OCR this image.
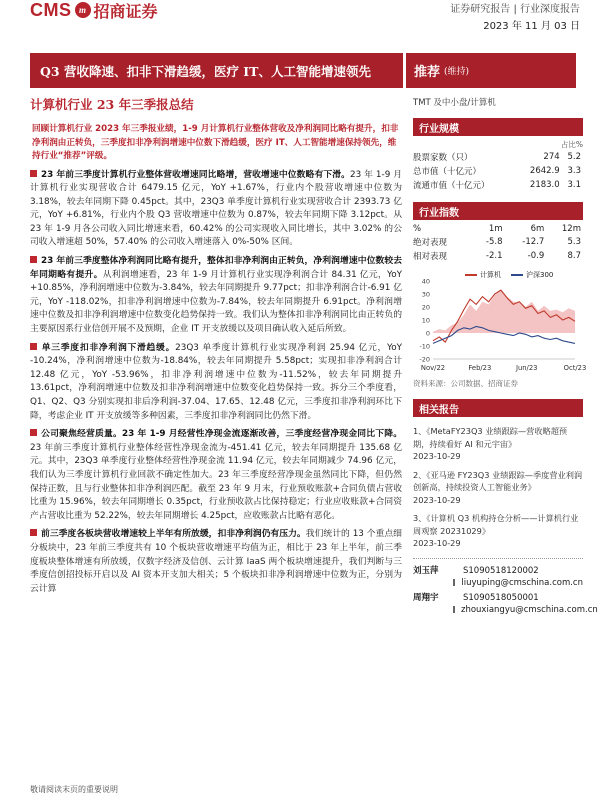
CMS m 招商证券	证券研究报告 | 行业深度报告
2023 年 11 月 03 日
Q3 营收降速、扣非下滑趋缓，医疗 IT、人工智能增速领先	推荐 (维持)
计算机行业 23 年三季报总结
回顾计算机行业 2023 年三季报业绩，1-9 月计算机行业整体营收及净利润同比略有提升，扣非净利润由正转负，三季度扣非净利润增速中位数下滑趋缓，医疗 IT、人工智能增速保持领先，维持行业“推荐”评级。
23 年前三季度计算机行业整体营收增速同比略增，营收增速中位数略有下滑。23 年 1-9 月计算机行业实现营收合计 6479.15 亿元，YoY +1.67%，行业内个股营收增速中位数为 3.18%，较去年同期下降 0.45pct。其中，23Q3 单季度计算机行业实现营收合计 2393.73 亿元，YoY +6.81%，行业内个股 Q3 营收增速中位数为 0.87%，较去年同期下降 3.12pct。从 23 年 1-9 月各公司收入同比增速来看，60.42% 的公司实现收入同比增长，其中 3.02% 的公司收入增速超 50%，57.40% 的公司收入增速落入 0%-50% 区间。
23 年前三季度整体净利润同比略有提升，整体扣非净利润由正转负，净利润增速中位数较去年同期略有提升。从利润增速看，23 年 1-9 月计算机行业实现净利润合计 84.31 亿元，YoY +10.85%，净利润增速中位数为-3.84%，较去年同期提升 9.77pct；扣非净利润合计-6.91 亿元，YoY -118.02%，扣非净利润增速中位数为-7.84%，较去年同期提升 6.91pct。净利润增速中位数及扣非净利润增速中位数变化趋势保持一致。我们认为整体扣非净利润同比由正转负的主要原因系行业信创开展不及预期，企业 IT 开支放缓以及项目确认收入延后所致。
单三季度扣非净利润下滑趋缓。23Q3 单季度计算机行业实现净利润 25.94 亿元，YoY -10.24%，净利润增速中位数为-18.84%，较去年同期提升 5.58pct；实现扣非净利润合计 12.48 亿元，YoY -53.96%，扣非净利润增速中位数为-11.52%，较去年同期提升 13.61pct，净利润增速中位数及扣非净利润增速中位数变化趋势保持一致。拆分三个季度看，Q1、Q2、Q3 分别实现扣非后净利润-37.04、17.65、12.48 亿元，三季度扣非净利润环比下降，考虑企业 IT 开支放缓等多种因素，三季度扣非净利润同比仍然下滑。
公司聚焦经营质量。23 年 1-9 月经营性净现金流逐渐改善，三季度经营净现金同比下降。23 年前三季度计算机行业整体经营性净现金流为-451.41 亿元，较去年同期提升 135.68 亿元。其中，23Q3 单季度行业整体经营性净现金流 11.94 亿元，较去年同期减少 74.96 亿元，我们认为三季度计算机行业回款不确定性加大。23 年三季度经营净现金虽然同比下降，但仍然保持正数，且与行业整体扣非净利润匹配。截至 23 年 9 月末，行业预收账款+合同负债占营收比重为 15.96%，较去年同期增长 0.35pct，行业预收款占比保持稳定；行业应收账款+合同资产占营收比重为 52.22%，较去年同期增长 4.25pct，应收账款占比略有恶化。
前三季度各板块营收增速较上半年有所放缓，扣非净利润仍有压力。我们统计的 13 个重点细分板块中，23 年前三季度共有 10 个板块营收增速平均值为正，相比于 23 年上半年，前三季度板块整体增速有所放缓，仅数字经济及信创、云计算 IaaS 两个板块增速提升，我们判断与三季度信创招投标开启以及 AI 资本开支加大相关；5 个板块扣非净利润增速中位数为正，分别为云计算
TMT 及中小盘/计算机
行业规模
占比%
股票家数（只）	274	5.2
总市值（十亿元）	2642.9	3.3
流通市值（十亿元）	2183.0	3.1
行业指数
%	1m	6m	12m
绝对表现	-5.8	-12.7	5.3
相对表现	-2.1	-0.9	8.7
-20
-10
0
10
20
30
40
Nov/22	Feb/23	Jun/23	Oct/23
计算机	沪深300
资料来源：公司数据、招商证券
相关报告
1、《MetaFY23Q3 业绩跟踪—营收略超预期，持续看好 AI 和元宇宙》
2023-10-29
2、《亚马逊 FY23Q3 业绩跟踪—季度营业利润创新高，持续投资人工智能业务》
2023-10-29
3、《计算机 Q3 机构持仓分析——计算机行业周观察 20231029》
2023-10-29
刘玉萍	S1090518120002
liuyuping@cmschina.com.cn
周翔宇	S1090518050001
zhouxiangyu@cmschina.com.cn
敬请阅读末页的重要说明
